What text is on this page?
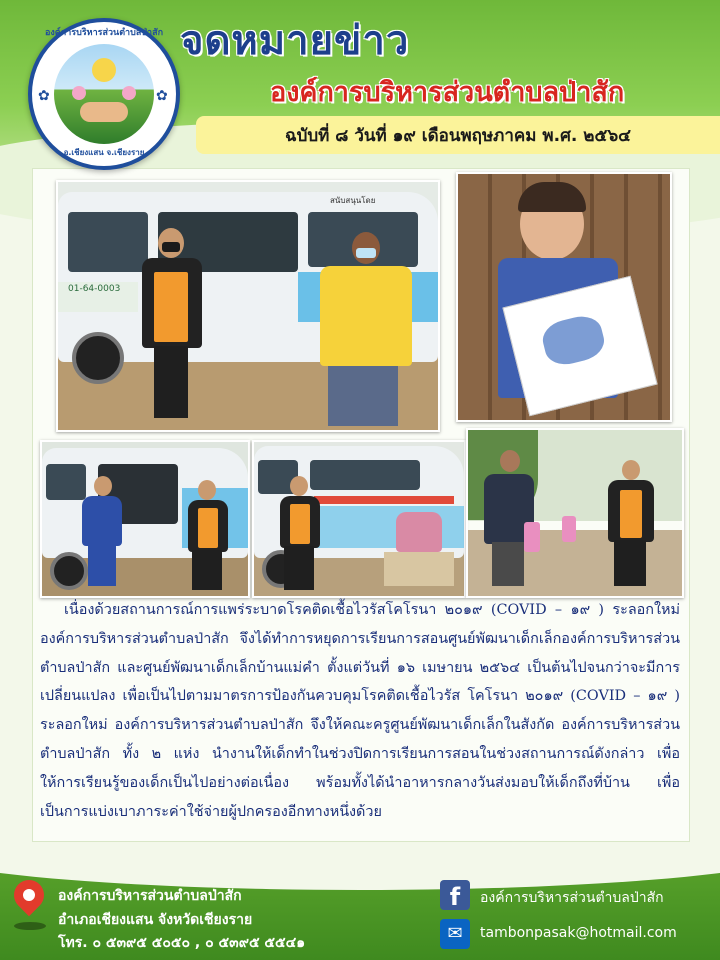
องค์การบริหารส่วนตำบลป่าสัก
✿	✿
อ.เชียงแสน จ.เชียงราย
จดหมายข่าว
องค์การบริหารส่วนตำบลป่าสัก
ฉบับที่ ๘ วันที่ ๑๙ เดือนพฤษภาคม พ.ศ. ๒๕๖๔
01-64-0003
สนับสนุนโดย
เนื่องด้วยสถานการณ์การแพร่ระบาดโรคติดเชื้อไวรัสโคโรนา ๒๐๑๙ (COVID – ๑๙ ) ระลอกใหม่ องค์การบริหารส่วนตำบลป่าสัก จึงได้ทำการหยุดการเรียนการสอนศูนย์พัฒนาเด็กเล็กองค์การบริหารส่วนตำบลป่าสัก และศูนย์พัฒนาเด็กเล็กบ้านแม่คำ ตั้งแต่วันที่ ๑๖ เมษายน ๒๕๖๔ เป็นต้นไปจนกว่าจะมีการเปลี่ยนแปลง เพื่อเป็นไปตามมาตรการป้องกันควบคุมโรคติดเชื้อไวรัส โคโรนา ๒๐๑๙ (COVID – ๑๙ ) ระลอกใหม่ องค์การบริหารส่วนตำบลป่าสัก จึงให้คณะครูศูนย์พัฒนาเด็กเล็กในสังกัด องค์การบริหารส่วนตำบลป่าสัก ทั้ง ๒ แห่ง นำงานให้เด็กทำในช่วงปิดการเรียนการสอนในช่วงสถานการณ์ดังกล่าว เพื่อให้การเรียนรู้ของเด็กเป็นไปอย่างต่อเนื่อง พร้อมทั้งได้นำอาหารกลางวันส่งมอบให้เด็กถึงที่บ้าน เพื่อเป็นการแบ่งเบาภาระค่าใช้จ่ายผู้ปกครองอีกทางหนึ่งด้วย
องค์การบริหารส่วนตำบลป่าสัก
อำเภอเชียงแสน จังหวัดเชียงราย
โทร. ๐ ๕๓๙๕ ๕๐๕๐ , ๐ ๕๓๙๕ ๕๕๔๑
f	องค์การบริหารส่วนตำบลป่าสัก
✉	tambonpasak@hotmail.com
